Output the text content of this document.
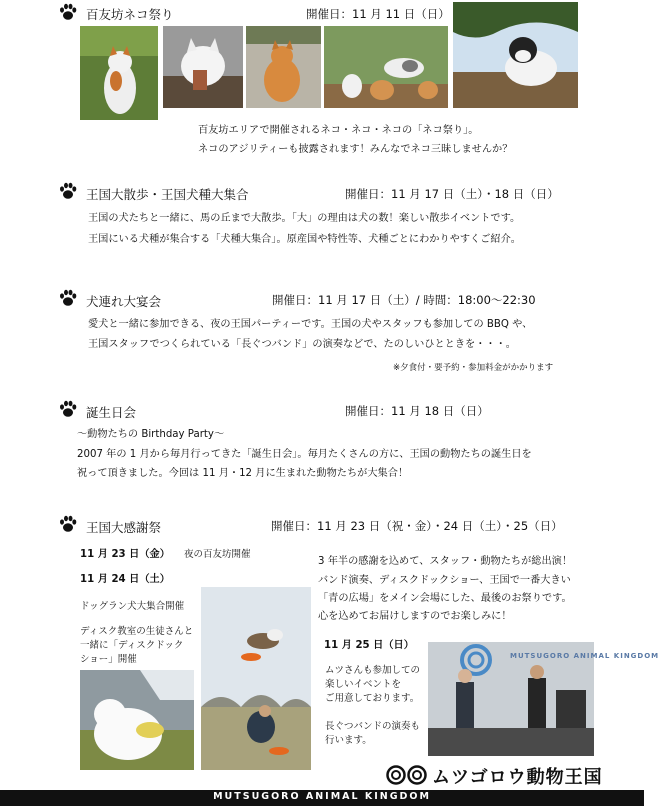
百友坊ネコ祭り	開催日：11 月 11 日（日）
百友坊エリアで開催されるネコ・ネコ・ネコの「ネコ祭り」。
ネコのアジリティーも披露されます！みんなでネコ三昧しませんか？
王国大散歩・王国犬種大集合	開催日：11 月 17 日（土）・18 日（日）
王国の犬たちと一緒に、馬の丘まで大散歩。「大」の理由は犬の数！楽しい散歩イベントです。
王国にいる犬種が集合する「犬種大集合」。原産国や特性等、犬種ごとにわかりやすくご紹介。
犬連れ大宴会	開催日：11 月 17 日（土）/ 時間：18:00～22:30
愛犬と一緒に参加できる、夜の王国パーティーです。王国の犬やスタッフも参加しての BBQ や、
王国スタッフでつくられている「長ぐつバンド」の演奏などで、たのしいひとときを・・・。
※夕食付・要予約・参加料金がかかります
誕生日会	開催日：11 月 18 日（日）
～動物たちの Birthday Party～
2007 年の 1 月から毎月行ってきた「誕生日会」。毎月たくさんの方に、王国の動物たちの誕生日を
祝って頂きました。今回は 11 月・12 月に生まれた動物たちが大集合！
王国大感謝祭	開催日：11 月 23 日（祝・金）・24 日（土）・25（日）
11 月 23 日（金） 夜の百友坊開催
11 月 24 日（土）
ドッグラン犬大集合開催
ディスク教室の生徒さんと
一緒に「ディスクドック
ショー」開催
3 年半の感謝を込めて、スタッフ・動物たちが総出演！
バンド演奏、ディスクドックショー、王国で一番大きい
「青の広場」をメイン会場にした、最後のお祭りです。
心を込めてお届けしますのでお楽しみに！
11 月 25 日（日）
ムツさんも参加しての
楽しいイベントを
ご用意しております。
長ぐつバンドの演奏も
行います。
MUTSUGORO ANIMAL KINGDOM
ムツゴロウ動物王国
MUTSUGORO ANIMAL KINGDOM
